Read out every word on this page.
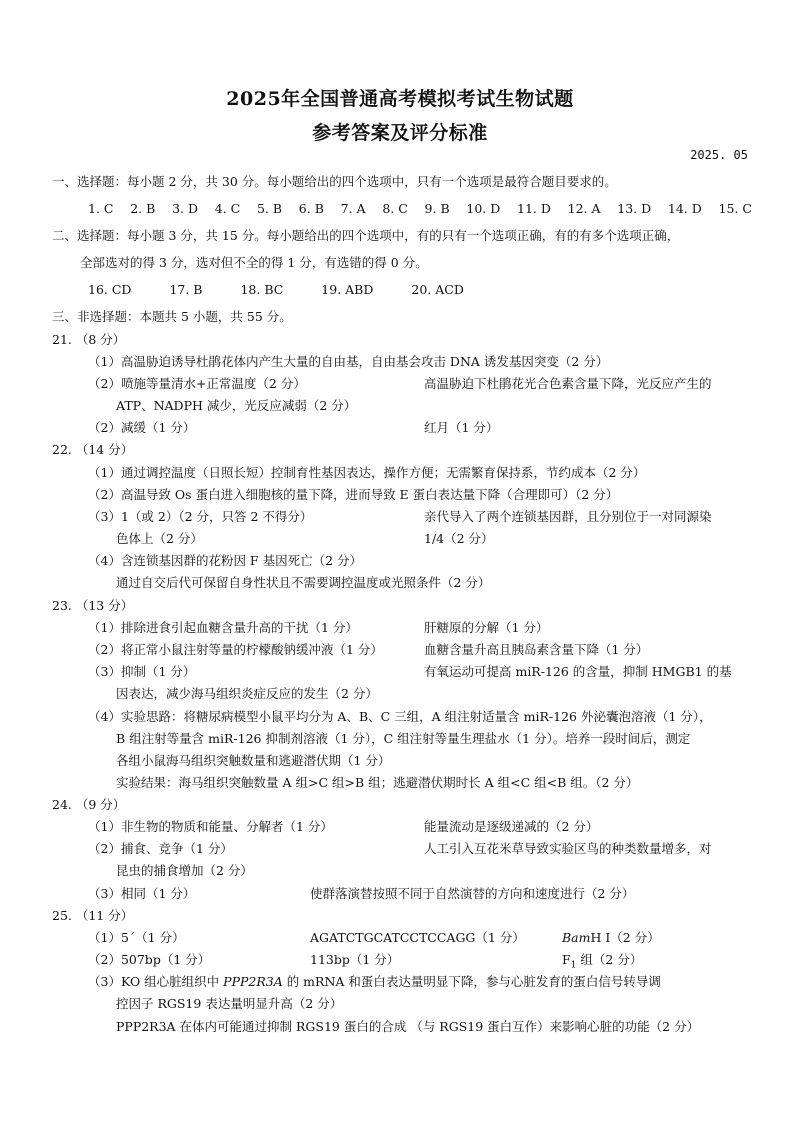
2025年全国普通高考模拟考试生物试题
参考答案及评分标准
2025. 05
一、选择题：每小题 2 分，共 30 分。每小题给出的四个选项中，只有一个选项是最符合题目要求的。
1. C 2. B 3. D 4. C 5. B 6. B 7. A 8. C 9. B 10. D 11. D 12. A 13. D 14. D 15. C
二、选择题：每小题 3 分，共 15 分。每小题给出的四个选项中，有的只有一个选项正确，有的有多个选项正确，
全部选对的得 3 分，选对但不全的得 1 分，有选错的得 0 分。
16. CD	17. B	18. BC	19. ABD	20. ACD
三、非选择题：本题共 5 小题，共 55 分。
21. （8 分）
（1）高温胁迫诱导杜鹃花体内产生大量的自由基，自由基会攻击 DNA 诱发基因突变（2 分）
（2）喷施等量清水+正常温度（2 分）	高温胁迫下杜鹃花光合色素含量下降，光反应产生的
ATP、NADPH 减少，光反应减弱（2 分）
（2）减缓（1 分）	红月（1 分）
22. （14 分）
（1）通过调控温度（日照长短）控制育性基因表达，操作方便；无需繁育保持系，节约成本（2 分）
（2）高温导致 Os 蛋白进入细胞核的量下降，进而导致 E 蛋白表达量下降（合理即可）（2 分）
（3）1（或 2）（2 分，只答 2 不得分）	亲代导入了两个连锁基因群，且分别位于一对同源染
色体上（2 分）	1/4（2 分）
（4）含连锁基因群的花粉因 F 基因死亡（2 分）
通过自交后代可保留自身性状且不需要调控温度或光照条件（2 分）
23. （13 分）
（1）排除进食引起血糖含量升高的干扰（1 分）	肝糖原的分解（1 分）
（2）将正常小鼠注射等量的柠檬酸钠缓冲液（1 分）	血糖含量升高且胰岛素含量下降（1 分）
（3）抑制（1 分）	有氧运动可提高 miR-126 的含量，抑制 HMGB1 的基
因表达，减少海马组织炎症反应的发生（2 分）
（4）实验思路：将糖尿病模型小鼠平均分为 A、B、C 三组，A 组注射适量含 miR-126 外泌囊泡溶液（1 分），
B 组注射等量含 miR-126 抑制剂溶液（1 分），C 组注射等量生理盐水（1 分）。培养一段时间后，测定
各组小鼠海马组织突触数量和逃避潜伏期（1 分）
实验结果：海马组织突触数量 A 组>C 组>B 组；逃避潜伏期时长 A 组<C 组<B 组。（2 分）
24. （9 分）
（1）非生物的物质和能量、分解者（1 分）	能量流动是逐级递减的（2 分）
（2）捕食、竞争（1 分）	人工引入互花米草导致实验区鸟的种类数量增多，对
昆虫的捕食增加（2 分）
（3）相同（1 分）	使群落演替按照不同于自然演替的方向和速度进行（2 分）
25. （11 分）
（1）5´（1 分）	AGATCTGCATCCTCCAGG（1 分）	BamH Ⅰ（2 分）
（2）507bp（1 分）	113bp（1 分）	$F_1$ 组（2 分）
（3）KO 组心脏组织中 PPP2R3A 的 mRNA 和蛋白表达量明显下降，参与心脏发育的蛋白信号转导调
控因子 RGS19 表达量明显升高（2 分）
PPP2R3A 在体内可能通过抑制 RGS19 蛋白的合成 （与 RGS19 蛋白互作）来影响心脏的功能（2 分）
